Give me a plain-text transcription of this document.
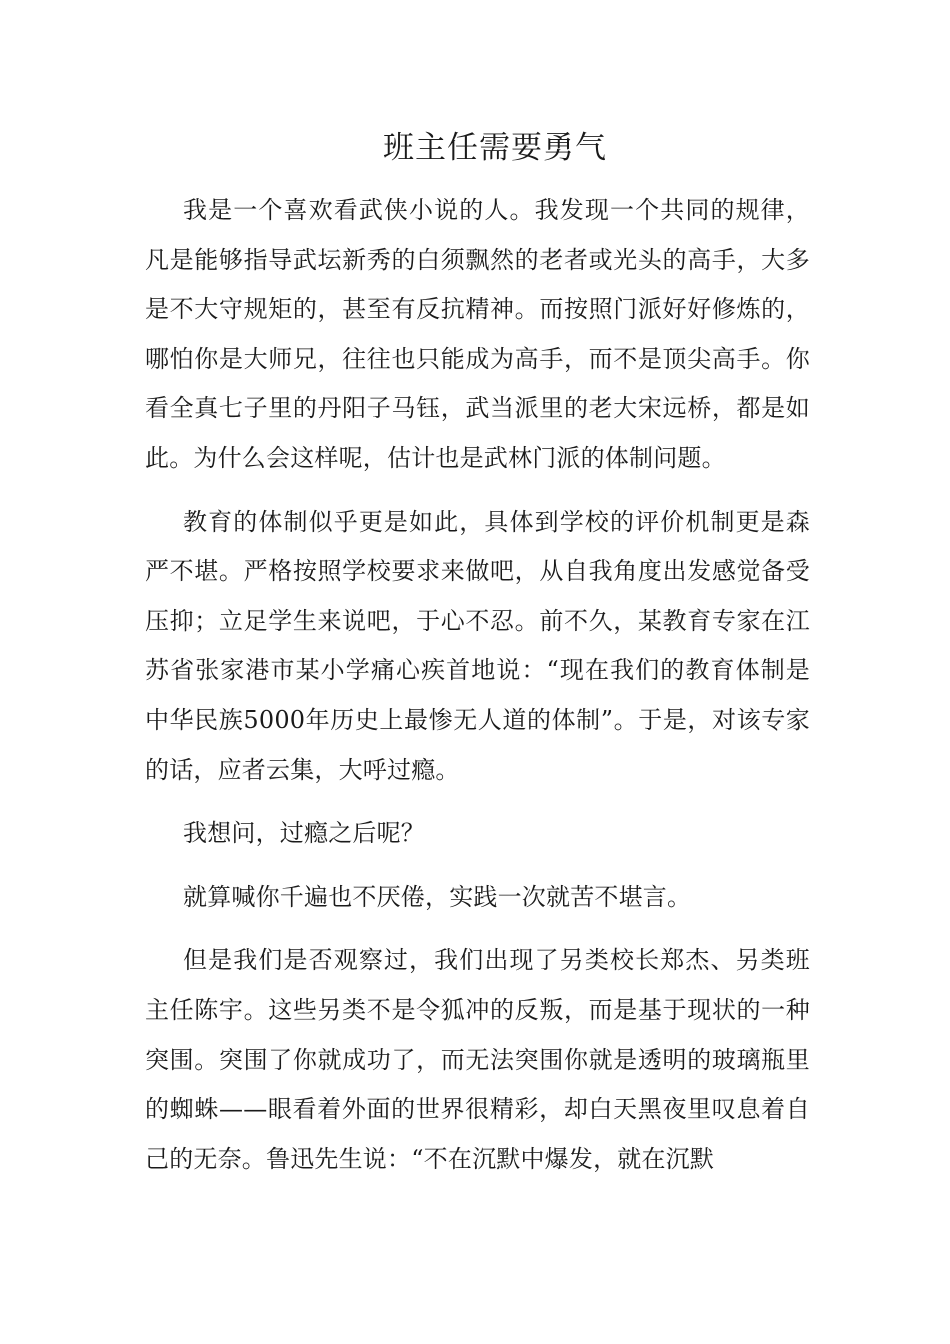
班主任需要勇气

我是一个喜欢看武侠小说的人。我发现一个共同的规律，凡是能够指导武坛新秀的白须飘然的老者或光头的高手，大多是不大守规矩的，甚至有反抗精神。而按照门派好好修炼的，哪怕你是大师兄，往往也只能成为高手，而不是顶尖高手。你看全真七子里的丹阳子马钰，武当派里的老大宋远桥，都是如此。为什么会这样呢，估计也是武林门派的体制问题。

教育的体制似乎更是如此，具体到学校的评价机制更是森严不堪。严格按照学校要求来做吧，从自我角度出发感觉备受压抑；立足学生来说吧，于心不忍。前不久，某教育专家在江苏省张家港市某小学痛心疾首地说：“现在我们的教育体制是中华民族5000年历史上最惨无人道的体制”。于是，对该专家的话，应者云集，大呼过瘾。

我想问，过瘾之后呢？

就算喊你千遍也不厌倦，实践一次就苦不堪言。

但是我们是否观察过，我们出现了另类校长郑杰、另类班主任陈宇。这些另类不是令狐冲的反叛，而是基于现状的一种突围。突围了你就成功了，而无法突围你就是透明的玻璃瓶里的蜘蛛——眼看着外面的世界很精彩，却白天黑夜里叹息着自己的无奈。鲁迅先生说：“不在沉默中爆发，就在沉默
